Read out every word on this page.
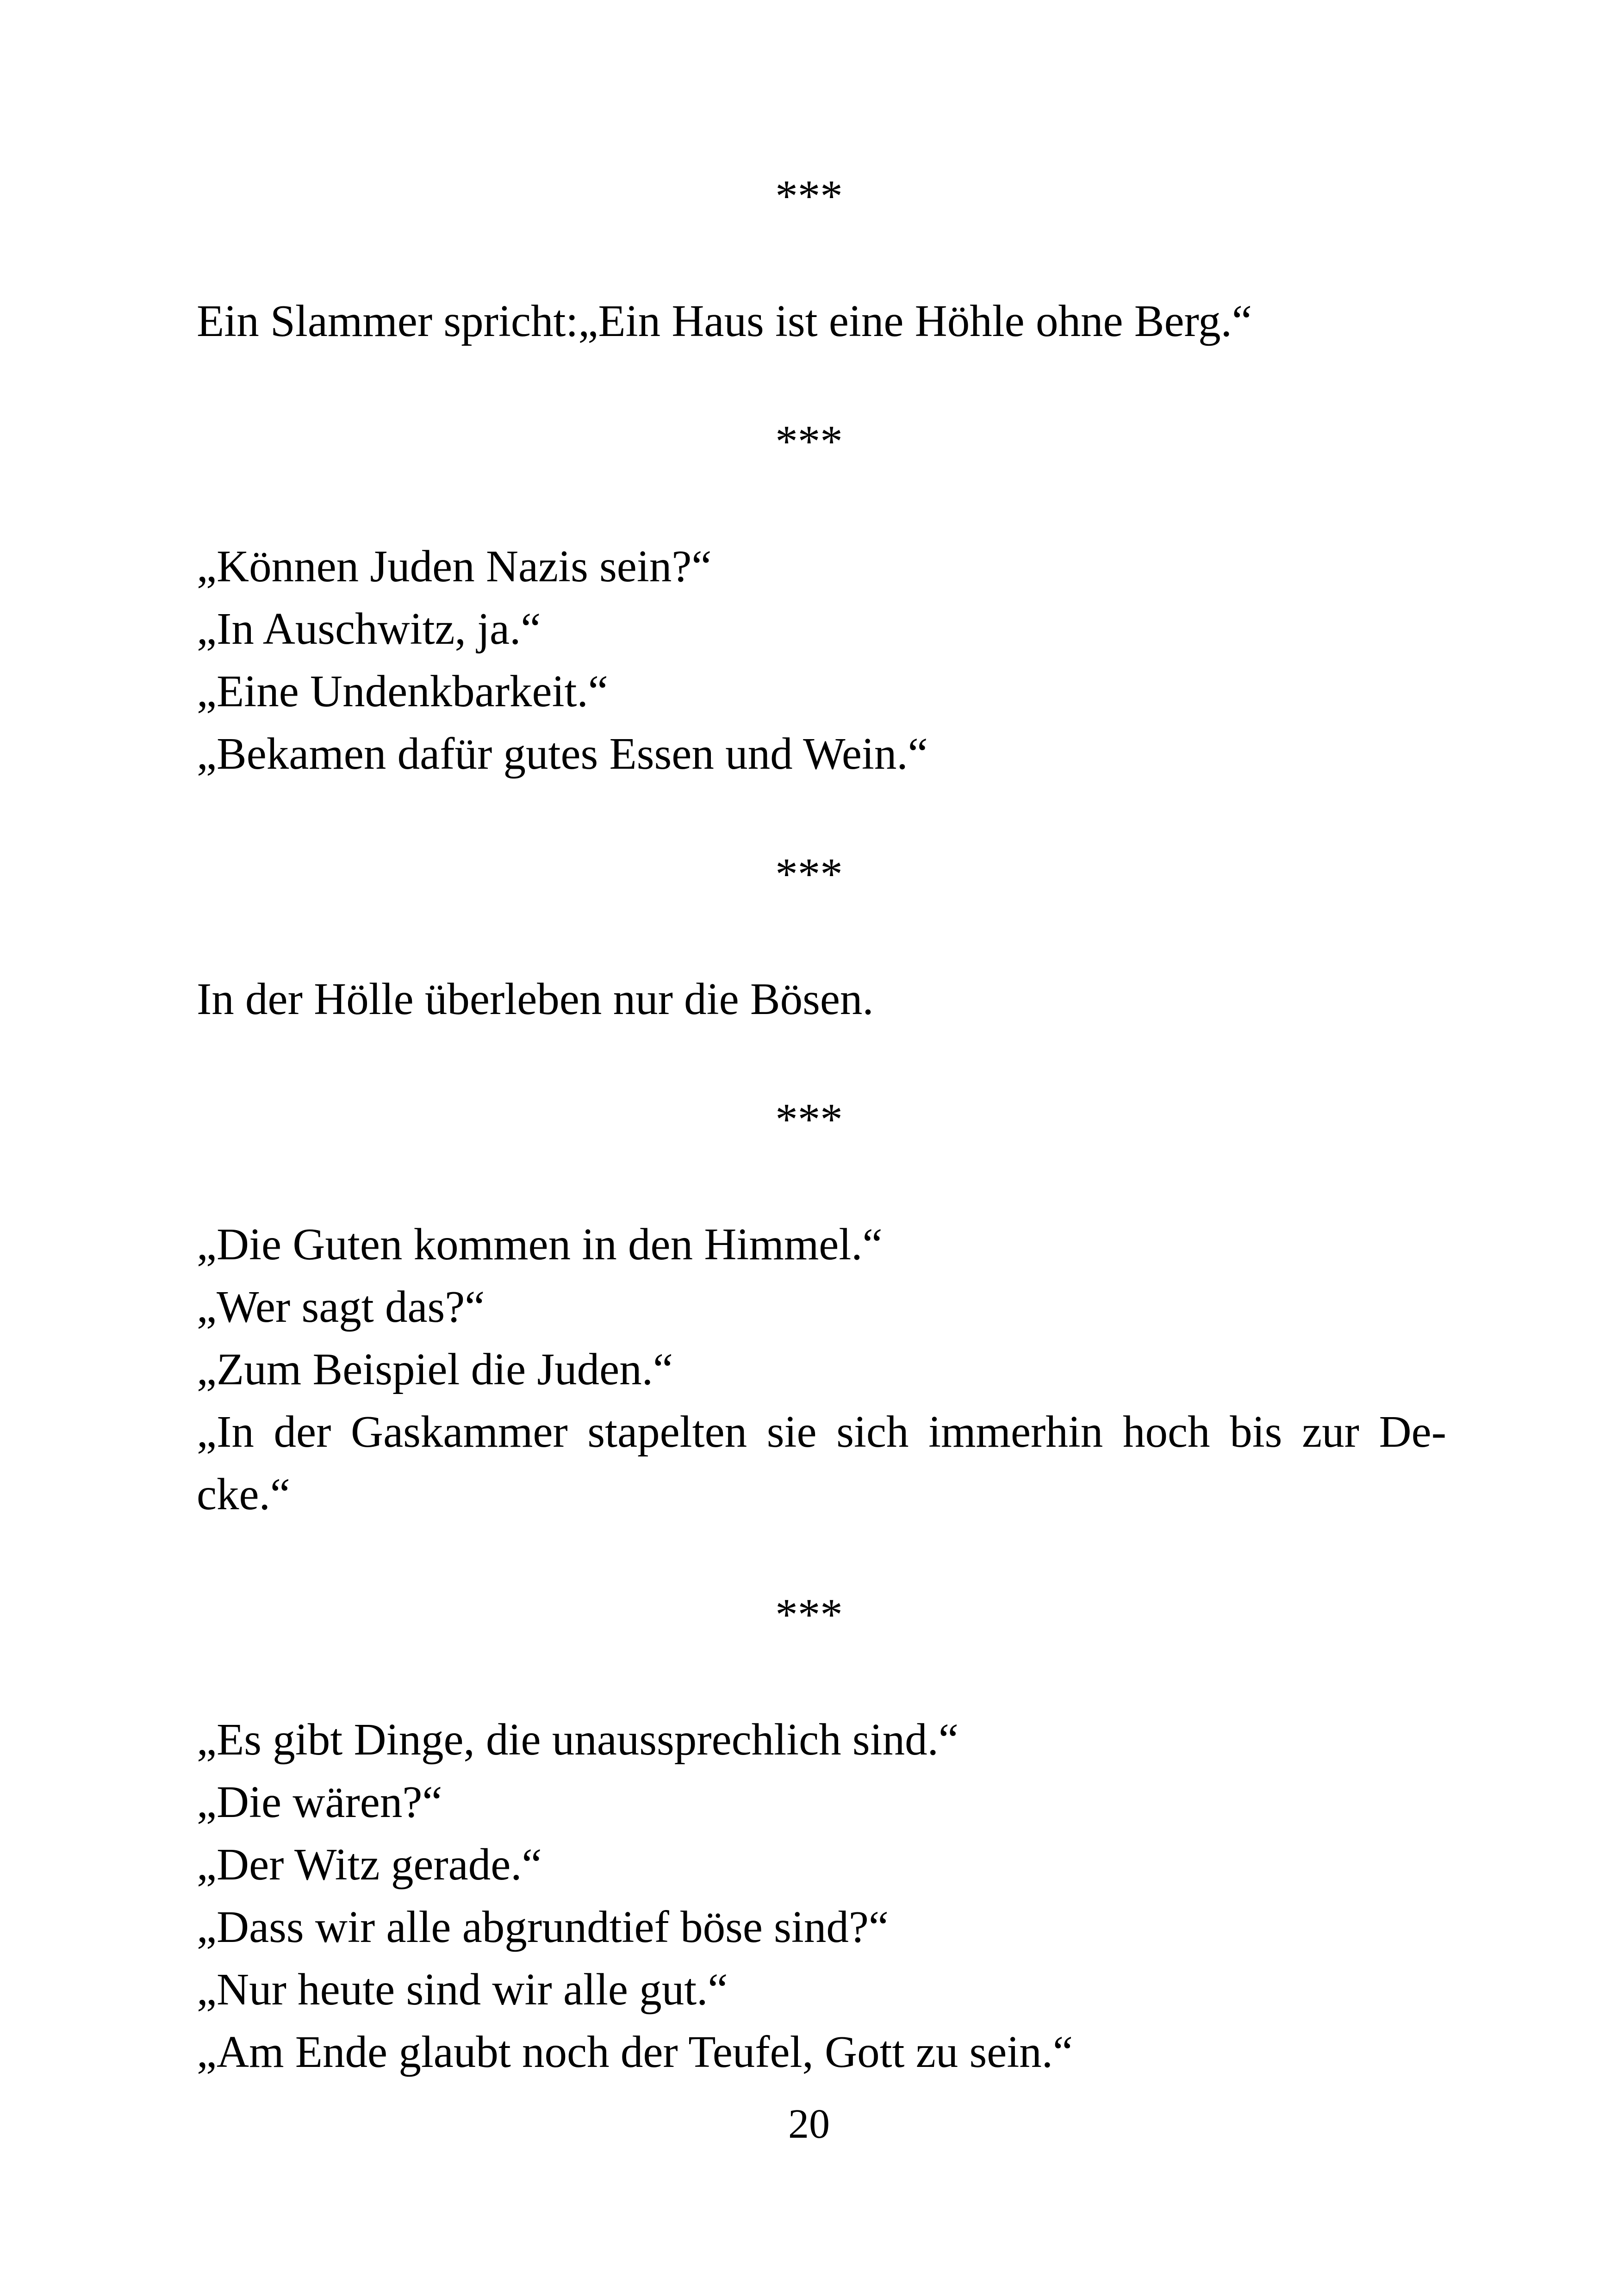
***
Ein Slammer spricht:„Ein Haus ist eine Höhle ohne Berg.“
***
„Können Juden Nazis sein?“
„In Auschwitz, ja.“
„Eine Undenkbarkeit.“
„Bekamen dafür gutes Essen und Wein.“
***
In der Hölle überleben nur die Bösen.
***
„Die Guten kommen in den Himmel.“
„Wer sagt das?“
„Zum Beispiel die Juden.“
„In der Gaskammer stapelten sie sich immerhin hoch bis zur De-
cke.“
***
„Es gibt Dinge, die unaussprechlich sind.“
„Die wären?“
„Der Witz gerade.“
„Dass wir alle abgrundtief böse sind?“
„Nur heute sind wir alle gut.“
„Am Ende glaubt noch der Teufel, Gott zu sein.“
20
